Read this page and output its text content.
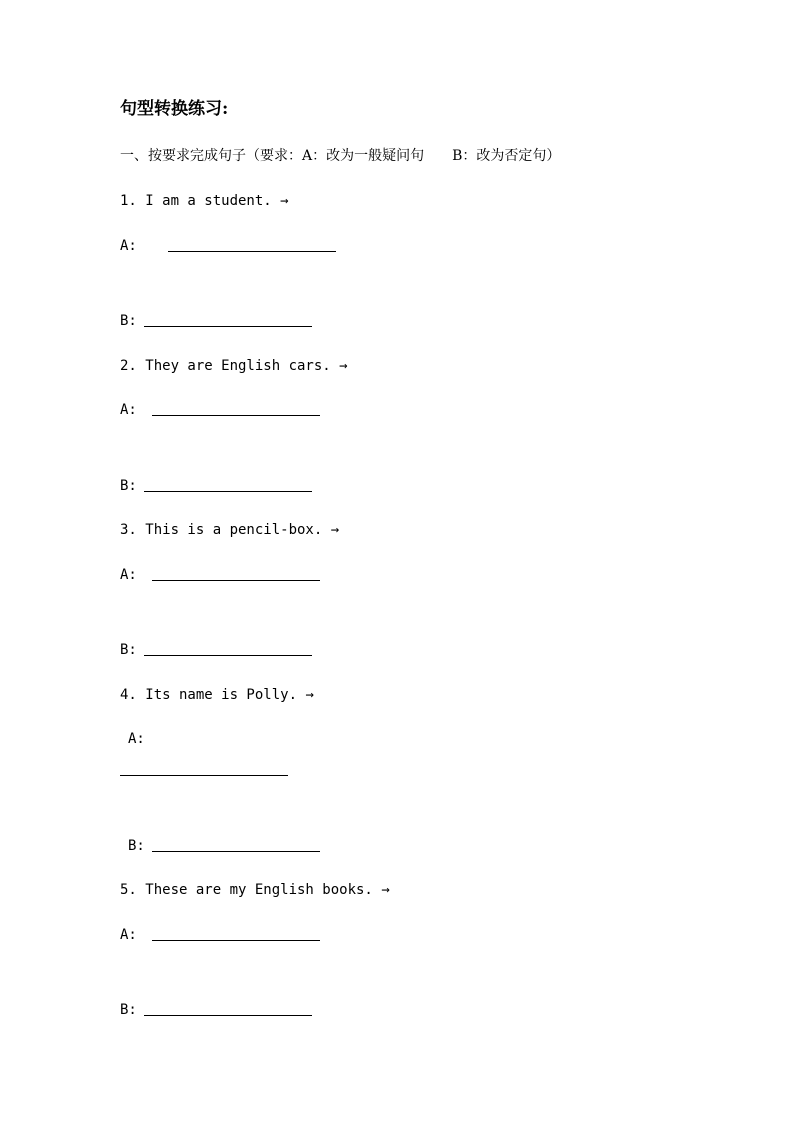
句型转换练习:
一、按要求完成句子（要求：A：改为一般疑问句　　B：改为否定句）
1. I am a student. →
A:
B:
2. They are English cars. →
A:
B:
3. This is a pencil-box. →
A:
B:
4. Its name is Polly. →
A:
B:
5. These are my English books. →
A:
B:
